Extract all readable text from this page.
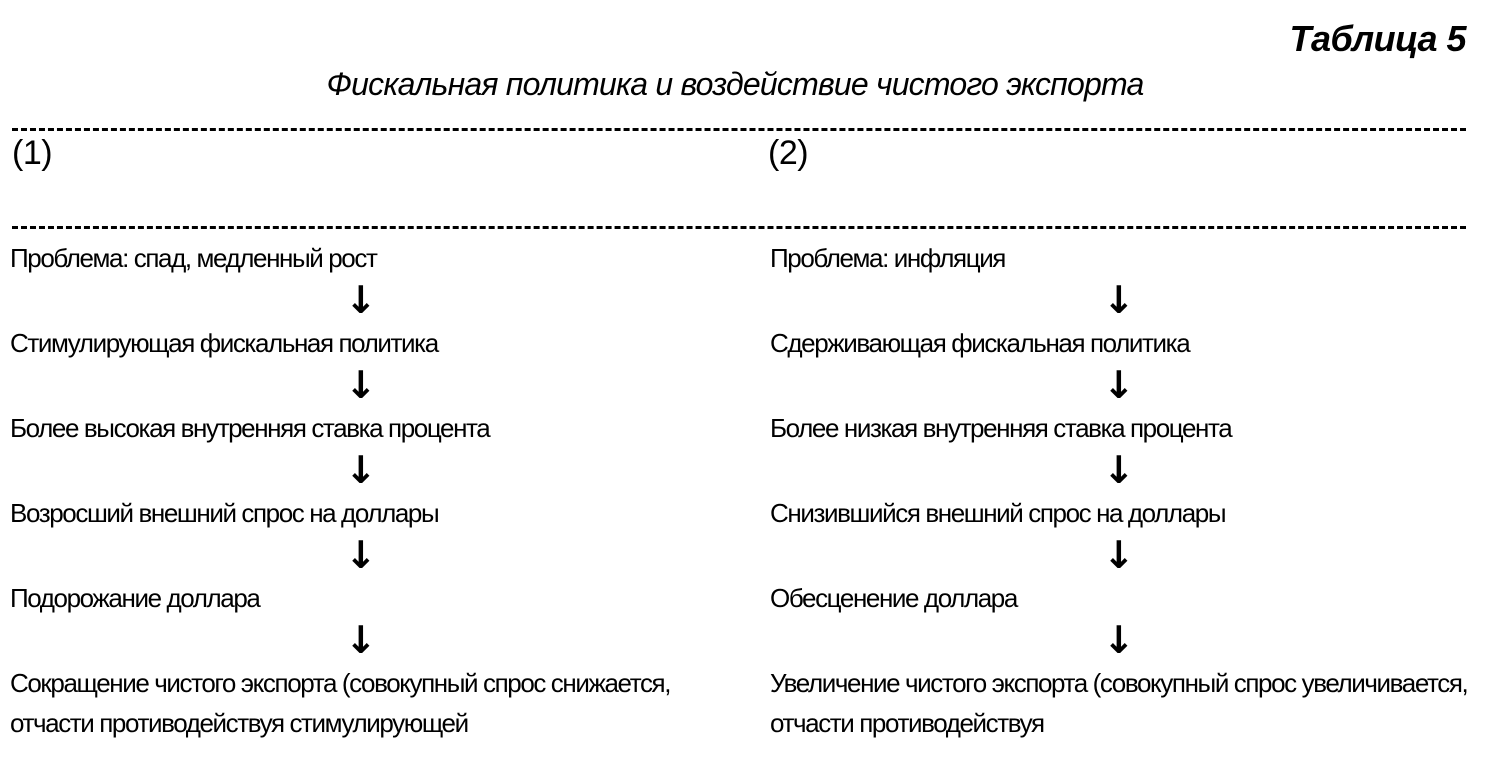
Таблица 5
Фискальная политика и воздействие чистого экспорта
(1)	(2)
Проблема: спад, медленный рост
↓
Стимулирующая фискальная политика
↓
Более высокая внутренняя ставка процента
↓
Возросший внешний спрос на доллары
↓
Подорожание доллара
↓
Сокращение чистого экспорта (совокупный спрос снижается, отчасти противодействуя стимулирующей
Проблема: инфляция
↓
Сдерживающая фискальная политика
↓
Более низкая внутренняя ставка процента
↓
Снизившийся внешний спрос на доллары
↓
Обесценение доллара
↓
Увеличение чистого экспорта (совокупный спрос увеличивается, отчасти противодействуя
